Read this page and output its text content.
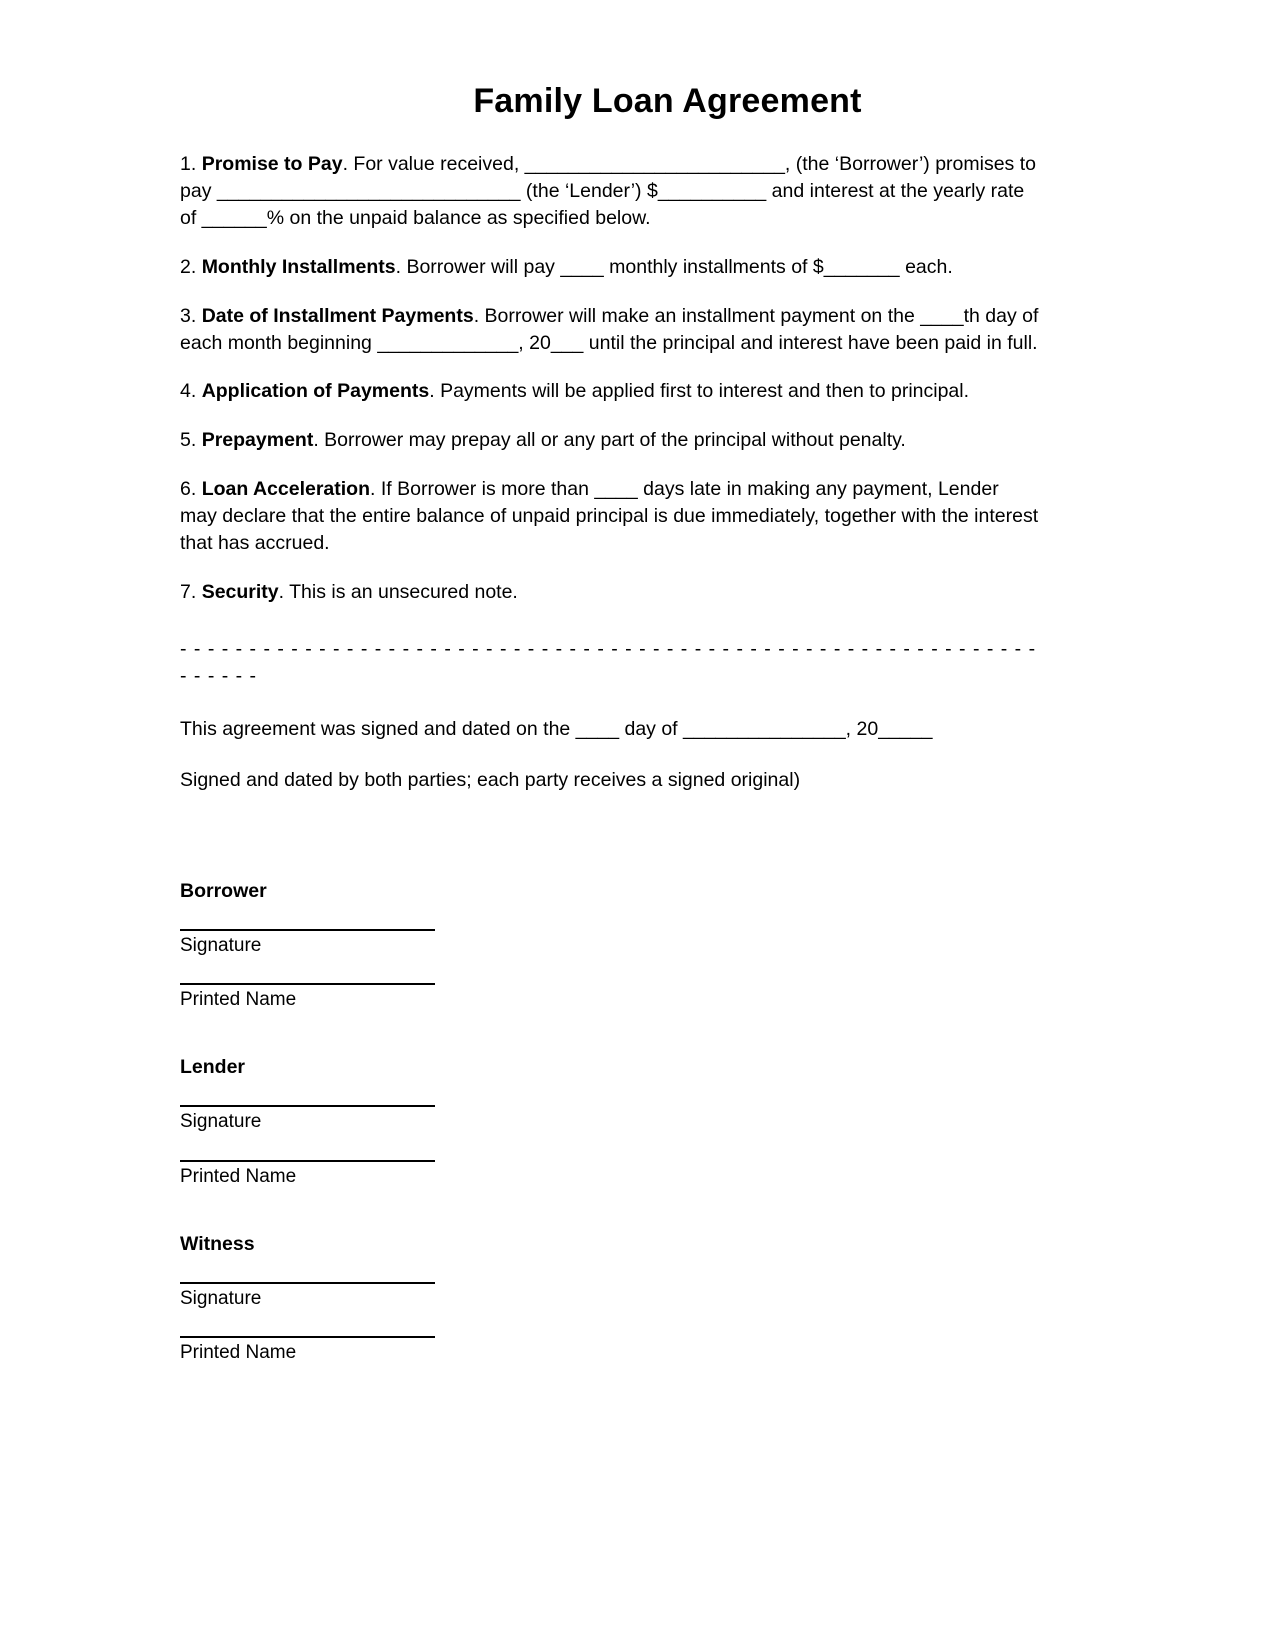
Family Loan Agreement

1. Promise to Pay. For value received, ________________________, (the ‘Borrower’) promises to pay ____________________________ (the ‘Lender’) $__________ and interest at the yearly rate of ______% on the unpaid balance as specified below.

2. Monthly Installments. Borrower will pay ____ monthly installments of $_______ each.

3. Date of Installment Payments. Borrower will make an installment payment on the ____th day of each month beginning _____________, 20___ until the principal and interest have been paid in full.

4. Application of Payments. Payments will be applied first to interest and then to principal.

5. Prepayment. Borrower may prepay all or any part of the principal without penalty.

6. Loan Acceleration. If Borrower is more than ____ days late in making any payment, Lender may declare that the entire balance of unpaid principal is due immediately, together with the interest that has accrued.

7. Security. This is an unsecured note.

- - - - - - - - - - - - - - - - - - - - - - - - - - - - - - - - - - - - - - - - - - - - - - - - - - - - - - - - - - - - - - - - - - - -

This agreement was signed and dated on the ____ day of _______________, 20_____

Signed and dated by both parties; each party receives a signed original)

Borrower
Signature
Printed Name
Lender
Signature
Printed Name
Witness
Signature
Printed Name
